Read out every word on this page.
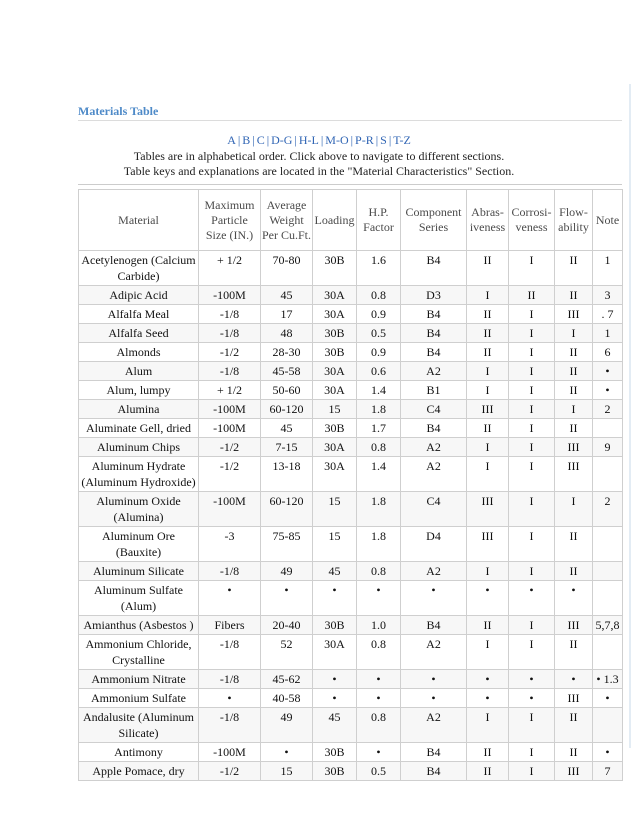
Materials Table
A | B | C | D-G | H-L | M-O | P-R | S | T-Z
Tables are in alphabetical order. Click above to navigate to different sections.
Table keys and explanations are located in the "Material Characteristics" Section.
Material	Maximum Particle Size (IN.)	Average Weight Per Cu.Ft.	Loading	H.P. Factor	Component Series	Abras- iveness	Corrosi- veness	Flow- ability	Note
Acetylenogen (Calcium Carbide)	+ 1/2	70-80	30B	1.6	B4	II	I	II	1
Adipic Acid	-100M	45	30A	0.8	D3	I	II	II	3
Alfalfa Meal	-1/8	17	30A	0.9	B4	II	I	III	. 7
Alfalfa Seed	-1/8	48	30B	0.5	B4	II	I	I	1
Almonds	-1/2	28-30	30B	0.9	B4	II	I	II	6
Alum	-1/8	45-58	30A	0.6	A2	I	I	II	•
Alum, lumpy	+ 1/2	50-60	30A	1.4	B1	I	I	II	•
Alumina	-100M	60-120	15	1.8	C4	III	I	I	2
Aluminate Gell, dried	-100M	45	30B	1.7	B4	II	I	II	
Aluminum Chips	-1/2	7-15	30A	0.8	A2	I	I	III	9
Aluminum Hydrate (Aluminum Hydroxide)	-1/2	13-18	30A	1.4	A2	I	I	III	
Aluminum Oxide (Alumina)	-100M	60-120	15	1.8	C4	III	I	I	2
Aluminum Ore (Bauxite)	-3	75-85	15	1.8	D4	III	I	II	
Aluminum Silicate	-1/8	49	45	0.8	A2	I	I	II	
Aluminum Sulfate (Alum)	•	•	•	•	•	•	•	•	
Amianthus (Asbestos )	Fibers	20-40	30B	1.0	B4	II	I	III	5,7,8
Ammonium Chloride, Crystalline	-1/8	52	30A	0.8	A2	I	I	II	
Ammonium Nitrate	-1/8	45-62	•	•	•	•	•	•	• 1.3
Ammonium Sulfate	•	40-58	•	•	•	•	•	III	•
Andalusite (Aluminum Silicate)	-1/8	49	45	0.8	A2	I	I	II	
Antimony	-100M	•	30B	•	B4	II	I	II	•
Apple Pomace, dry	-1/2	15	30B	0.5	B4	II	I	III	7
